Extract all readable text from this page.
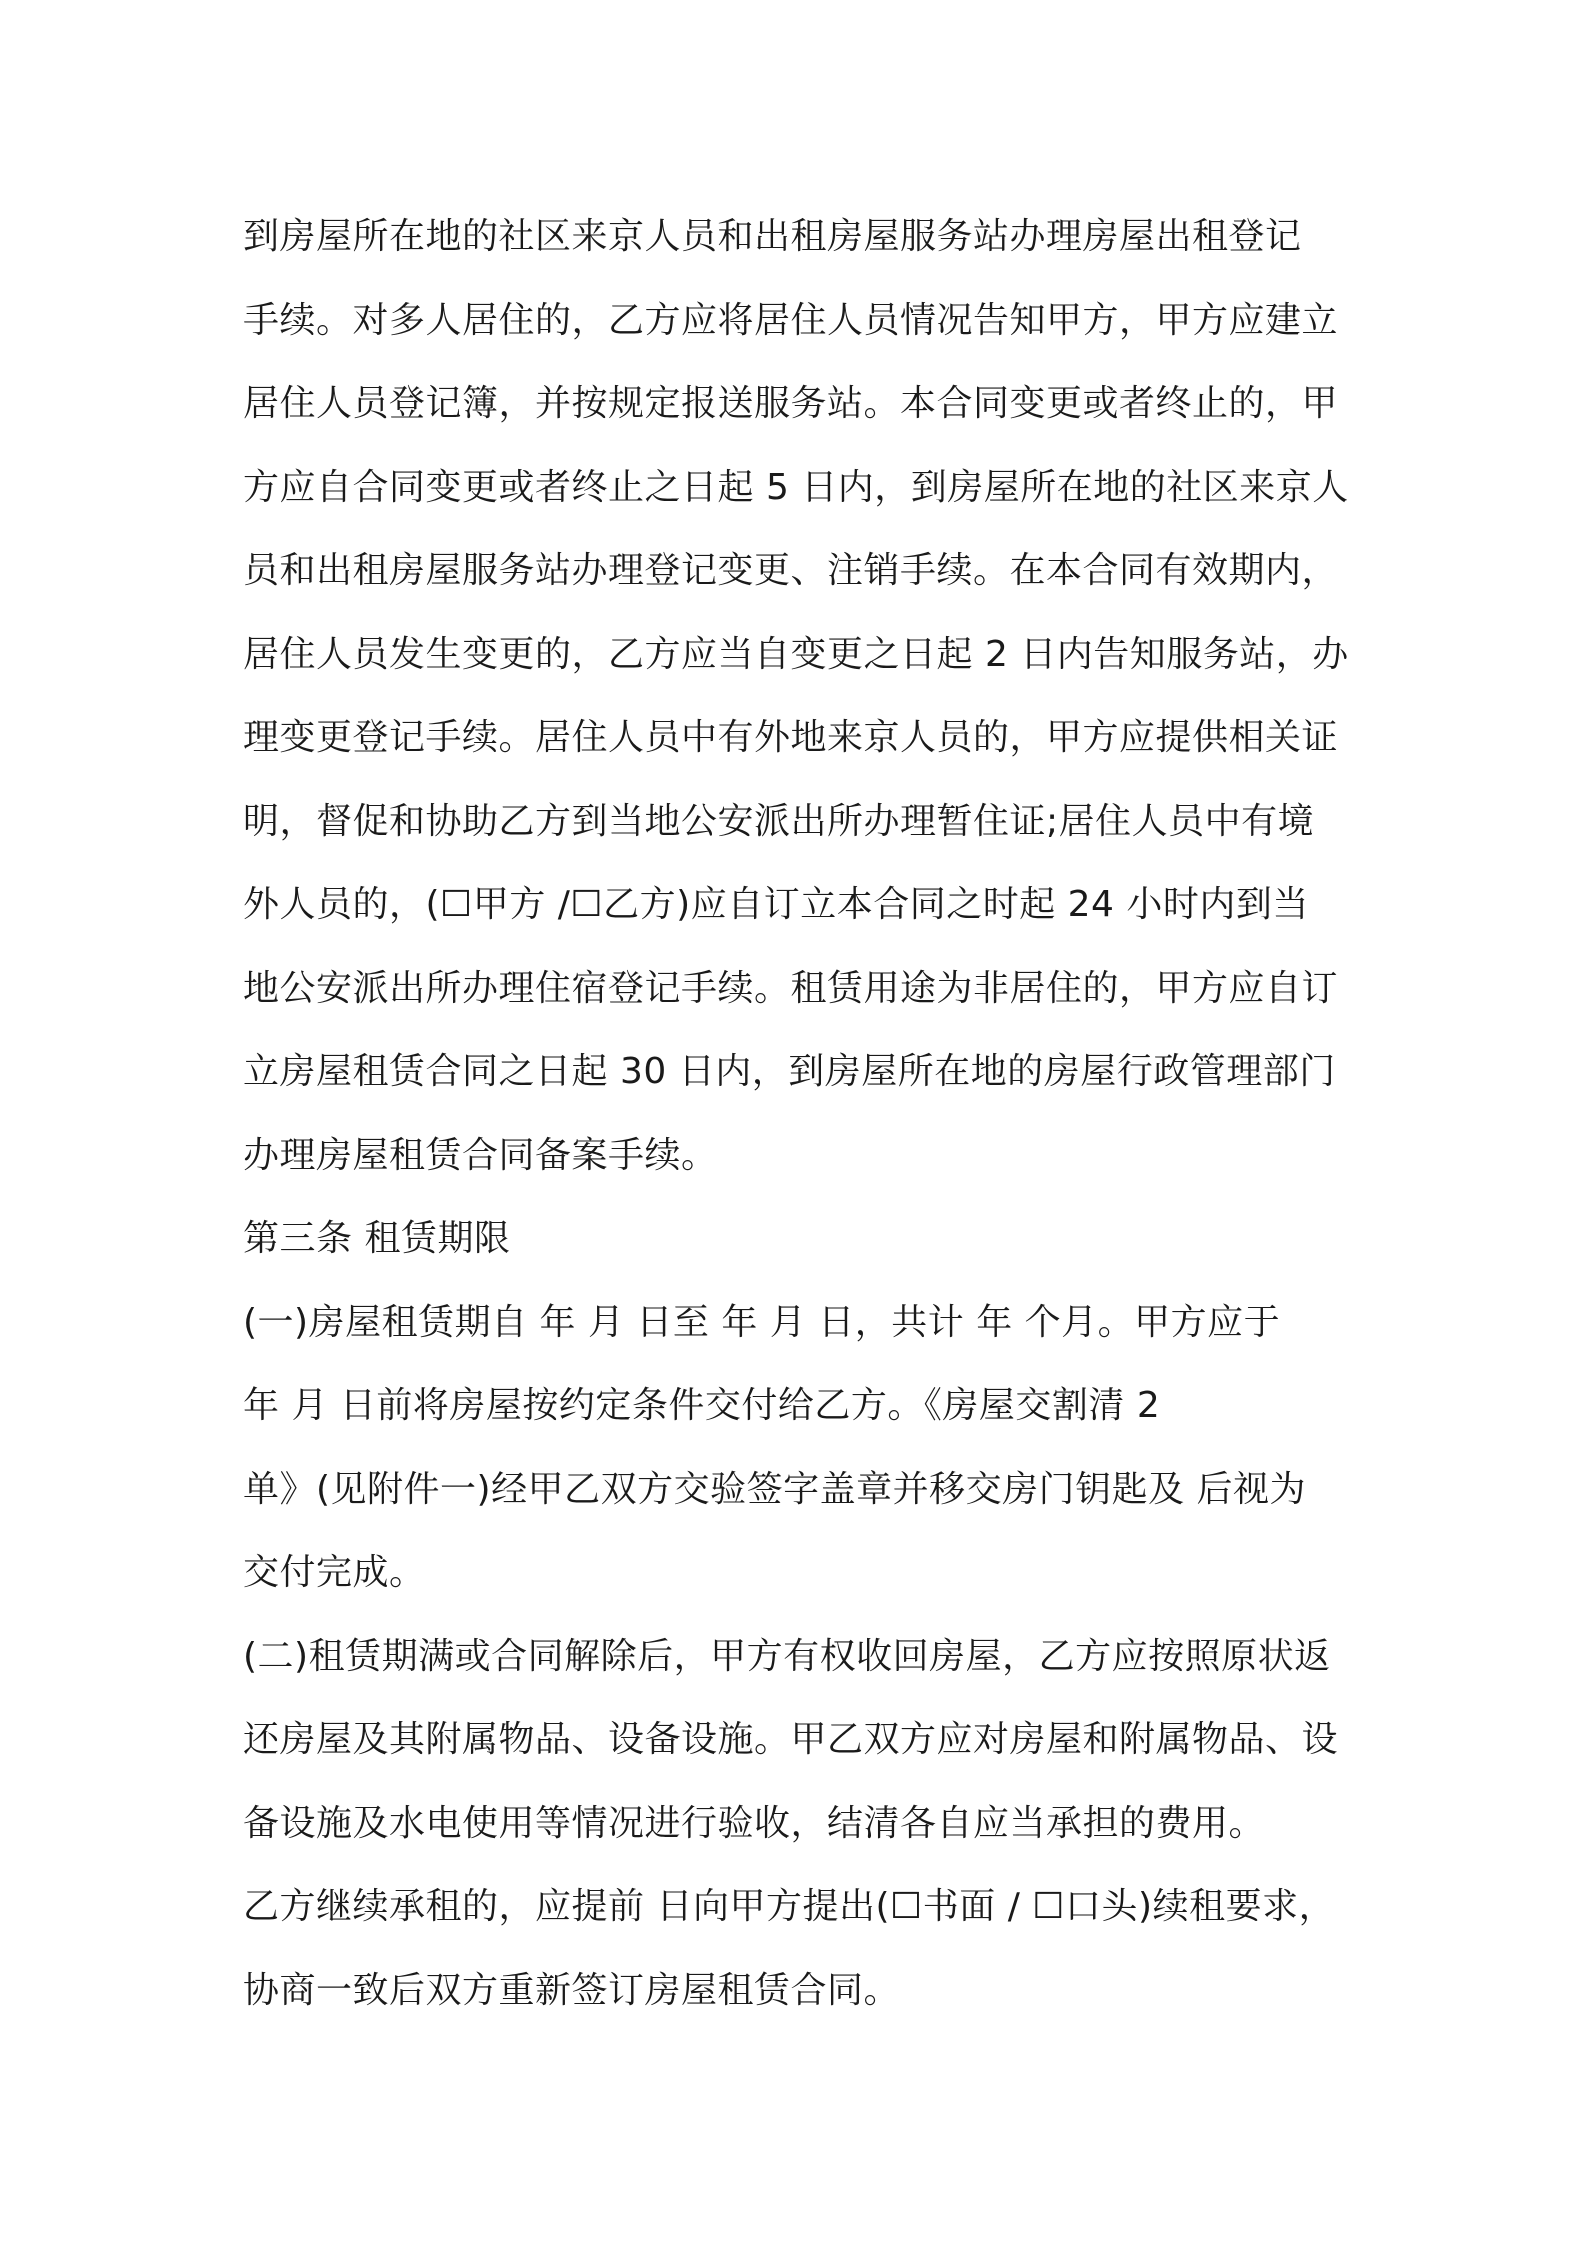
到房屋所在地的社区来京人员和出租房屋服务站办理房屋出租登记
手续。对多人居住的，乙方应将居住人员情况告知甲方，甲方应建立
居住人员登记簿，并按规定报送服务站。本合同变更或者终止的，甲
方应自合同变更或者终止之日起 5 日内，到房屋所在地的社区来京人
员和出租房屋服务站办理登记变更、注销手续。在本合同有效期内，
居住人员发生变更的，乙方应当自变更之日起 2 日内告知服务站，办
理变更登记手续。居住人员中有外地来京人员的，甲方应提供相关证
明，督促和协助乙方到当地公安派出所办理暂住证;居住人员中有境
外人员的，(☐甲方 /☐乙方)应自订立本合同之时起 24 小时内到当
地公安派出所办理住宿登记手续。租赁用途为非居住的，甲方应自订
立房屋租赁合同之日起 30 日内，到房屋所在地的房屋行政管理部门
办理房屋租赁合同备案手续。
第三条 租赁期限
(一)房屋租赁期自 年 月 日至 年 月 日，共计 年 个月。甲方应于
年 月 日前将房屋按约定条件交付给乙方。《房屋交割清 2
单》(见附件一)经甲乙双方交验签字盖章并移交房门钥匙及 后视为
交付完成。
(二)租赁期满或合同解除后，甲方有权收回房屋，乙方应按照原状返
还房屋及其附属物品、设备设施。甲乙双方应对房屋和附属物品、设
备设施及水电使用等情况进行验收，结清各自应当承担的费用。
乙方继续承租的，应提前 日向甲方提出(☐书面 / ☐口头)续租要求，
协商一致后双方重新签订房屋租赁合同。
